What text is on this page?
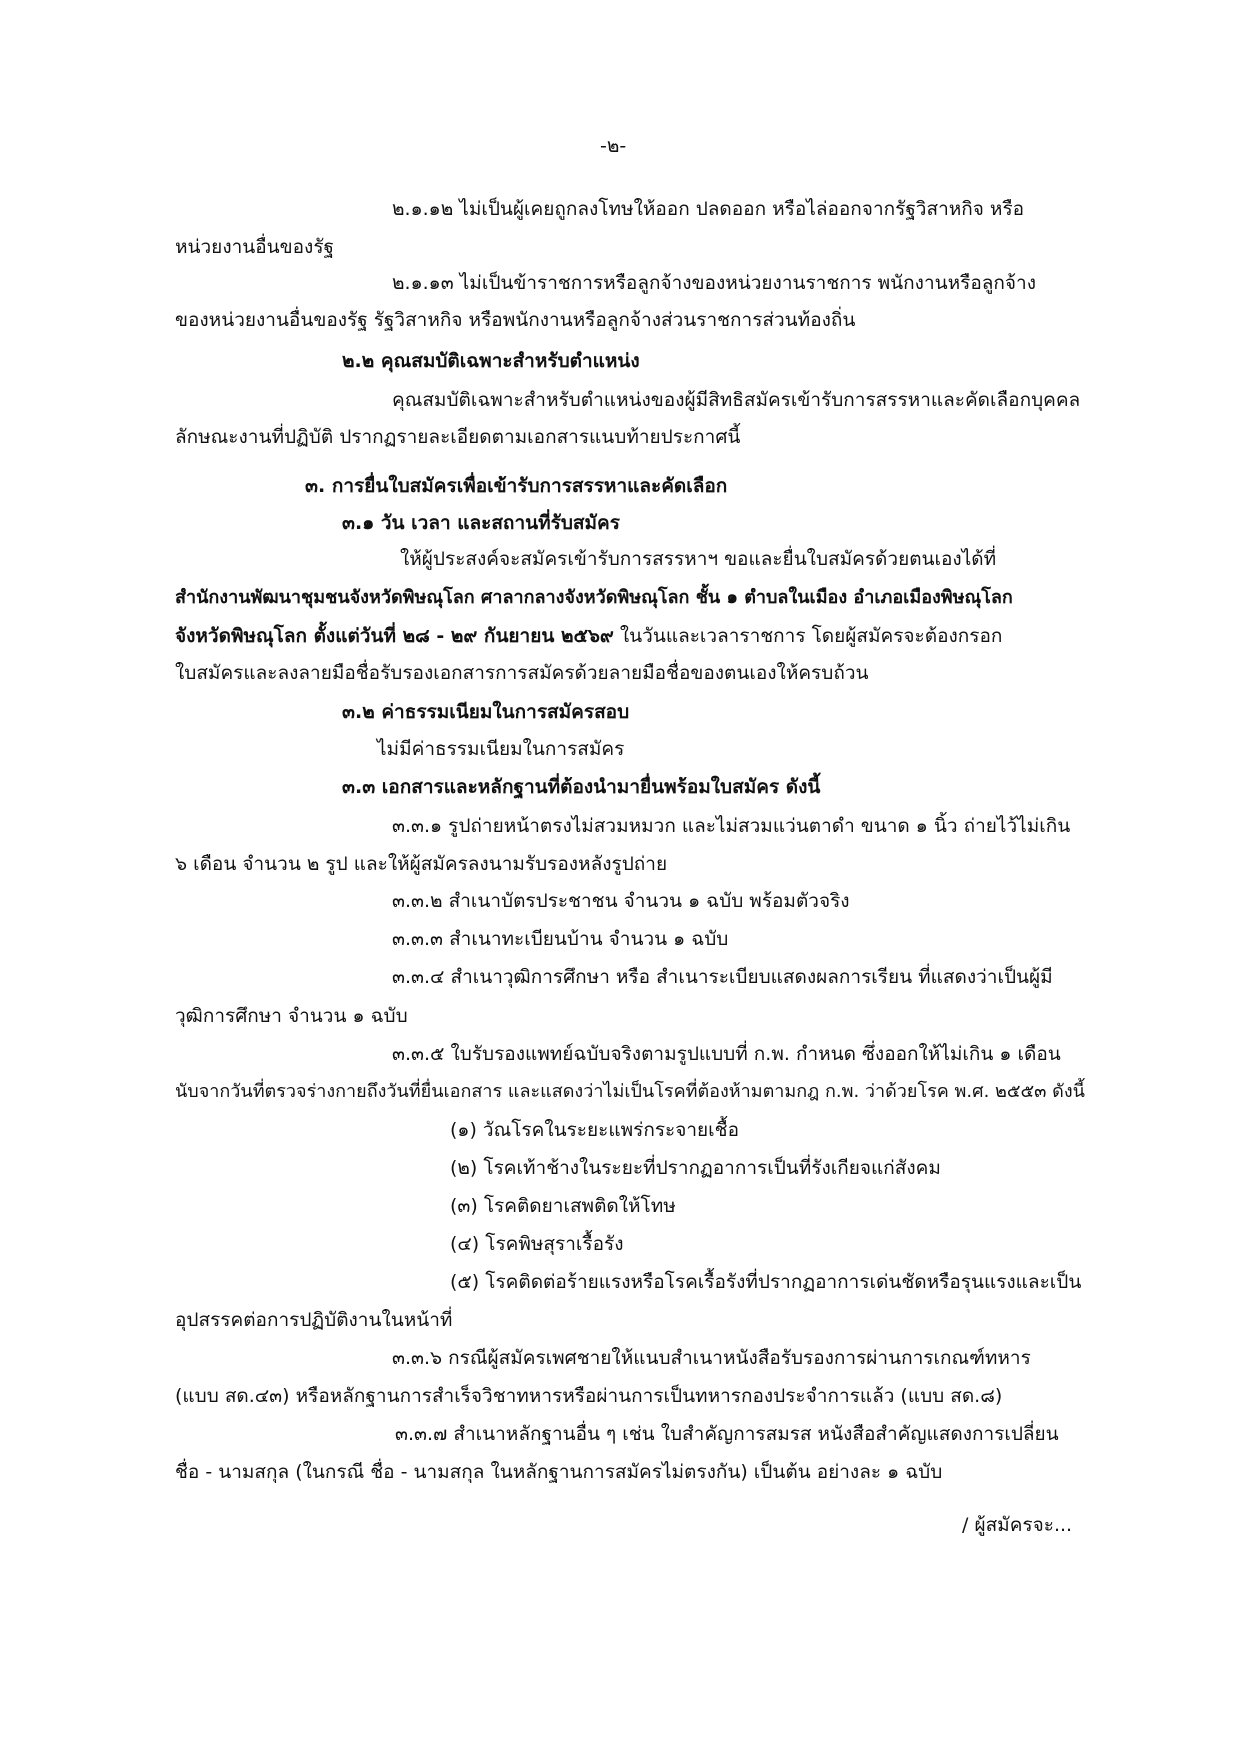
-๒-
๒.๑.๑๒ ไม่เป็นผู้เคยถูกลงโทษให้ออก ปลดออก หรือไล่ออกจากรัฐวิสาหกิจ หรือ
หน่วยงานอื่นของรัฐ
๒.๑.๑๓ ไม่เป็นข้าราชการหรือลูกจ้างของหน่วยงานราชการ พนักงานหรือลูกจ้าง
ของหน่วยงานอื่นของรัฐ รัฐวิสาหกิจ หรือพนักงานหรือลูกจ้างส่วนราชการส่วนท้องถิ่น
๒.๒ คุณสมบัติเฉพาะสำหรับตำแหน่ง
คุณสมบัติเฉพาะสำหรับตำแหน่งของผู้มีสิทธิสมัครเข้ารับการสรรหาและคัดเลือกบุคคล
ลักษณะงานที่ปฏิบัติ ปรากฏรายละเอียดตามเอกสารแนบท้ายประกาศนี้
๓. การยื่นใบสมัครเพื่อเข้ารับการสรรหาและคัดเลือก
๓.๑ วัน เวลา และสถานที่รับสมัคร
ให้ผู้ประสงค์จะสมัครเข้ารับการสรรหาฯ ขอและยื่นใบสมัครด้วยตนเองได้ที่
สำนักงานพัฒนาชุมชนจังหวัดพิษณุโลก ศาลากลางจังหวัดพิษณุโลก ชั้น ๑ ตำบลในเมือง อำเภอเมืองพิษณุโลก
จังหวัดพิษณุโลก ตั้งแต่วันที่ ๒๘ - ๒๙ กันยายน ๒๕๖๙ ในวันและเวลาราชการ โดยผู้สมัครจะต้องกรอก
ใบสมัครและลงลายมือชื่อรับรองเอกสารการสมัครด้วยลายมือชื่อของตนเองให้ครบถ้วน
๓.๒ ค่าธรรมเนียมในการสมัครสอบ
ไม่มีค่าธรรมเนียมในการสมัคร
๓.๓ เอกสารและหลักฐานที่ต้องนำมายื่นพร้อมใบสมัคร ดังนี้
๓.๓.๑ รูปถ่ายหน้าตรงไม่สวมหมวก และไม่สวมแว่นตาดำ ขนาด ๑ นิ้ว ถ่ายไว้ไม่เกิน
๖ เดือน จำนวน ๒ รูป และให้ผู้สมัครลงนามรับรองหลังรูปถ่าย
๓.๓.๒ สำเนาบัตรประชาชน จำนวน ๑ ฉบับ พร้อมตัวจริง
๓.๓.๓ สำเนาทะเบียนบ้าน จำนวน ๑ ฉบับ
๓.๓.๔ สำเนาวุฒิการศึกษา หรือ สำเนาระเบียบแสดงผลการเรียน ที่แสดงว่าเป็นผู้มี
วุฒิการศึกษา จำนวน ๑ ฉบับ
๓.๓.๕ ใบรับรองแพทย์ฉบับจริงตามรูปแบบที่ ก.พ. กำหนด ซึ่งออกให้ไม่เกิน ๑ เดือน
นับจากวันที่ตรวจร่างกายถึงวันที่ยื่นเอกสาร และแสดงว่าไม่เป็นโรคที่ต้องห้ามตามกฎ ก.พ. ว่าด้วยโรค พ.ศ. ๒๕๕๓ ดังนี้
(๑) วัณโรคในระยะแพร่กระจายเชื้อ
(๒) โรคเท้าช้างในระยะที่ปรากฏอาการเป็นที่รังเกียจแก่สังคม
(๓) โรคติดยาเสพติดให้โทษ
(๔) โรคพิษสุราเรื้อรัง
(๕) โรคติดต่อร้ายแรงหรือโรคเรื้อรังที่ปรากฏอาการเด่นชัดหรือรุนแรงและเป็น
อุปสรรคต่อการปฏิบัติงานในหน้าที่
๓.๓.๖ กรณีผู้สมัครเพศชายให้แนบสำเนาหนังสือรับรองการผ่านการเกณฑ์ทหาร
(แบบ สด.๔๓) หรือหลักฐานการสำเร็จวิชาทหารหรือผ่านการเป็นทหารกองประจำการแล้ว (แบบ สด.๘)
๓.๓.๗ สำเนาหลักฐานอื่น ๆ เช่น ใบสำคัญการสมรส หนังสือสำคัญแสดงการเปลี่ยน
ชื่อ - นามสกุล (ในกรณี ชื่อ - นามสกุล ในหลักฐานการสมัครไม่ตรงกัน) เป็นต้น อย่างละ ๑ ฉบับ
/ ผู้สมัครจะ...
